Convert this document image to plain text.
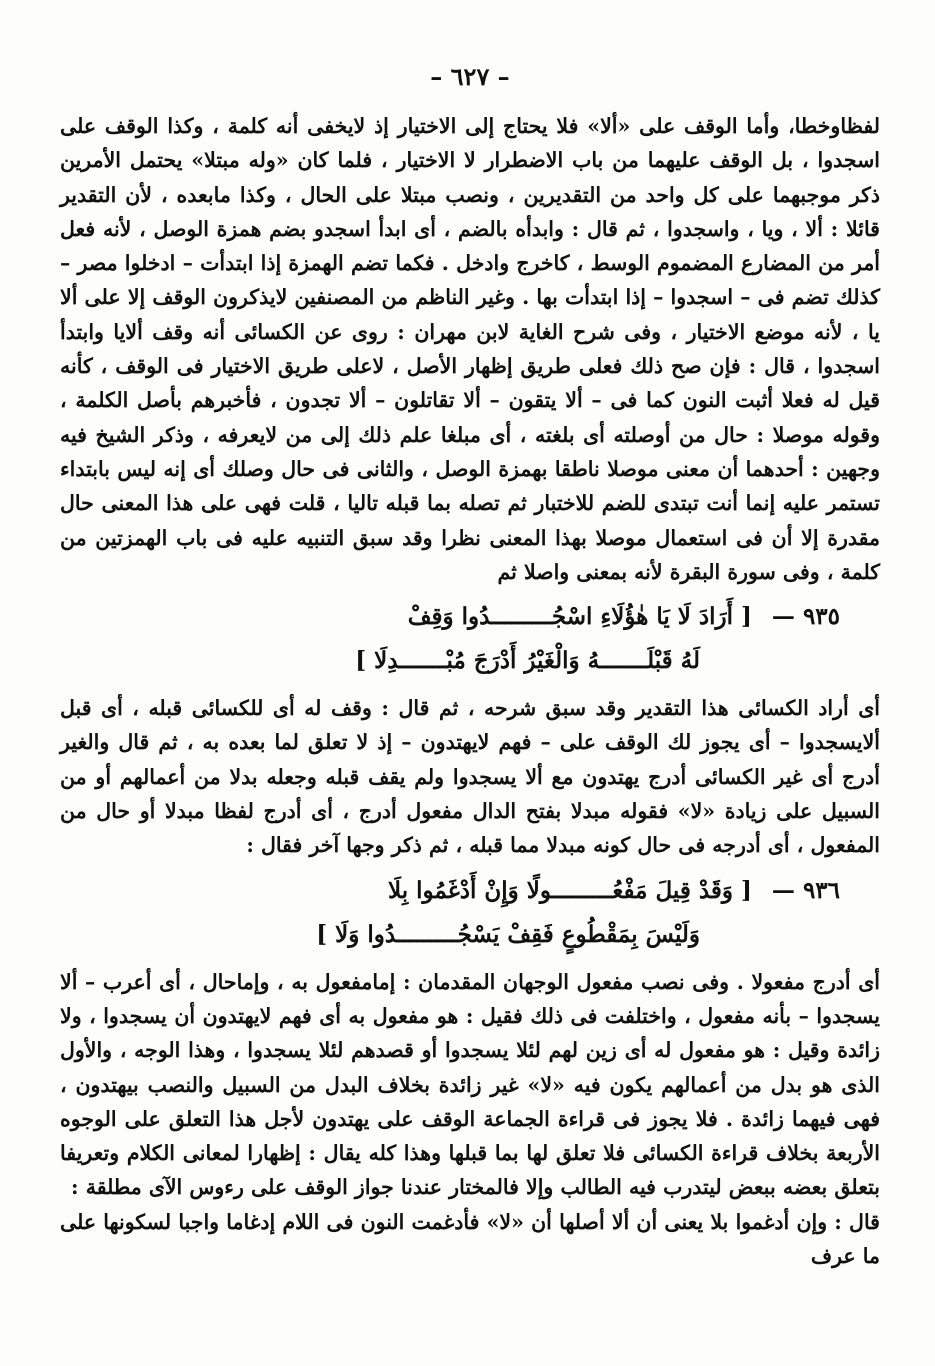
– ٦٢٧ –

لفظاوخطا، وأما الوقف على «ألا» فلا يحتاج إلى الاختيار إذ لايخفى أنه كلمة ، وكذا الوقف على اسجدوا ، بل الوقف عليهما من باب الاضطرار لا الاختيار ، فلما كان «وله مبتلا» يحتمل الأمرين ذكر موجبهما على كل واحد من التقديرين ، ونصب مبتلا على الحال ، وكذا مابعده ، لأن التقدير قائلا : ألا ، ويا ، واسجدوا ، ثم قال : وابدأه بالضم ، أى ابدأ اسجدو بضم همزة الوصل ، لأنه فعل أمر من المضارع المضموم الوسط ، كاخرج وادخل . فكما تضم الهمزة إذا ابتدأت – ادخلوا مصر – كذلك تضم فى – اسجدوا – إذا ابتدأت بها . وغير الناظم من المصنفين لايذكرون الوقف إلا على ألا يا ، لأنه موضع الاختيار ، وفى شرح الغاية لابن مهران : روى عن الكسائى أنه وقف ألايا وابتدأ اسجدوا ، قال : فإن صح ذلك فعلى طريق إظهار الأصل ، لاعلى طريق الاختيار فى الوقف ، كأنه قيل له فعلا أثبت النون كما فى – ألا يتقون – ألا تقاتلون – ألا تجدون ، فأخبرهم بأصل الكلمة ، وقوله موصلا : حال من أوصلته أى بلغته ، أى مبلغا علم ذلك إلى من لايعرفه ، وذكر الشيخ فيه وجهين : أحدهما أن معنى موصلا ناطقا بهمزة الوصل ، والثانى فى حال وصلك أى إنه ليس بابتداء تستمر عليه إنما أنت تبتدى للضم للاختبار ثم تصله بما قبله تاليا ، قلت فهى على هذا المعنى حال مقدرة إلا أن فى استعمال موصلا بهذا المعنى نظرا وقد سبق التنبيه عليه فى باب الهمزتين من كلمة ، وفى سورة البقرة لأنه بمعنى واصلا ثم

٩٣٥ — [ أَرَادَ لَا يَا هٰؤُلَاءِ اسْجُـــــــــدُوا وَقِفْ
لَهُ قَبْلَـــــــهُ وَالْغَيْرُ أَدْرَجَ مُبْـــــــدِلَا ]

أى أراد الكسائى هذا التقدير وقد سبق شرحه ، ثم قال : وقف له أى للكسائى قبله ، أى قبل ألايسجدوا – أى يجوز لك الوقف على – فهم لايهتدون – إذ لا تعلق لما بعده به ، ثم قال والغير أدرج أى غير الكسائى أدرج يهتدون مع ألا يسجدوا ولم يقف قبله وجعله بدلا من أعمالهم أو من السبيل على زيادة «لا» فقوله مبدلا بفتح الدال مفعول أدرج ، أى أدرج لفظا مبدلا أو حال من المفعول ، أى أدرجه فى حال كونه مبدلا مما قبله ، ثم ذكر وجها آخر فقال :

٩٣٦ — [ وَقَدْ قِيلَ مَفْعُـــــــــولًا وَإِنْ أَدْغَمُوا بِلَا
وَلَيْسَ بِمَقْطُوعٍ فَقِفْ يَسْجُـــــــــدُوا وَلَا ]

أى أدرج مفعولا . وفى نصب مفعول الوجهان المقدمان : إمامفعول به ، وإماحال ، أى أعرب – ألا يسجدوا – بأنه مفعول ، واختلفت فى ذلك فقيل : هو مفعول به أى فهم لايهتدون أن يسجدوا ، ولا زائدة وقيل : هو مفعول له أى زين لهم لئلا يسجدوا أو قصدهم لئلا يسجدوا ، وهذا الوجه ، والأول الذى هو بدل من أعمالهم يكون فيه «لا» غير زائدة بخلاف البدل من السبيل والنصب بيهتدون ، فهى فيهما زائدة . فلا يجوز فى قراءة الجماعة الوقف على يهتدون لأجل هذا التعلق على الوجوه الأربعة بخلاف قراءة الكسائى فلا تعلق لها بما قبلها وهذا كله يقال : إظهارا لمعانى الكلام وتعريفا بتعلق بعضه ببعض ليتدرب فيه الطالب وإلا فالمختار عندنا جواز الوقف على رءوس الآى مطلقة :

قال : وإن أدغموا بلا يعنى أن ألا أصلها أن «لا» فأدغمت النون فى اللام إدغاما واجبا لسكونها على ما عرف
